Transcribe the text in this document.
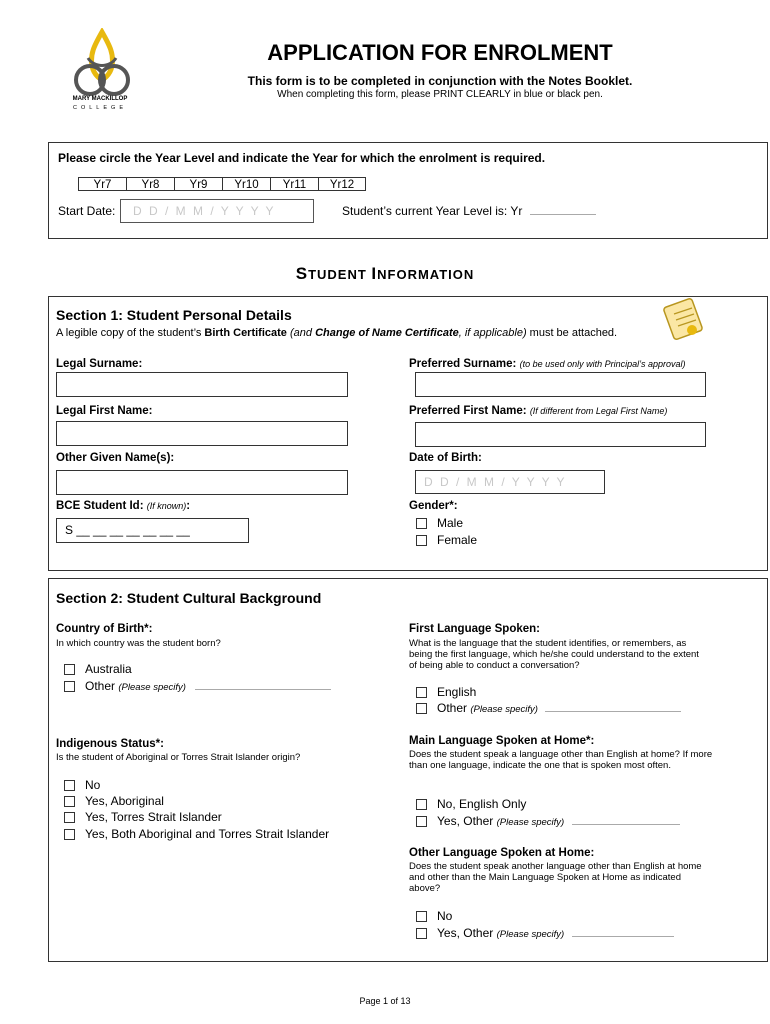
MARY MACKILLOP
COLLEGE
APPLICATION FOR ENROLMENT
This form is to be completed in conjunction with the Notes Booklet.
When completing this form, please PRINT CLEARLY in blue or black pen.
Please circle the Year Level and indicate the Year for which the enrolment is required.
Yr7	Yr8	Yr9	Yr10	Yr11	Yr12
Start Date:	D D / M M / Y Y Y Y	Student’s current Year Level is: Yr
STUDENT INFORMATION
Section 1: Student Personal Details
A legible copy of the student’s Birth Certificate (and Change of Name Certificate, if applicable) must be attached.
Legal Surname:	Preferred Surname: (to be used only with Principal’s approval)
Legal First Name:	Preferred First Name: (If different from Legal First Name)
Other Given Name(s):	Date of Birth:
D D / M M / Y Y Y Y
BCE Student Id: (If known):
S __ __ __ __ __ __ __
Gender*:
Male
Female
Section 2: Student Cultural Background
Country of Birth*:
In which country was the student born?
Australia
Other (Please specify)
First Language Spoken:
What is the language that the student identifies, or remembers, as being the first language, which he/she could understand to the extent of being able to conduct a conversation?
English
Other (Please specify)
Indigenous Status*:
Is the student of Aboriginal or Torres Strait Islander origin?
No
Yes, Aboriginal
Yes, Torres Strait Islander
Yes, Both Aboriginal and Torres Strait Islander
Main Language Spoken at Home*:
Does the student speak a language other than English at home? If more than one language, indicate the one that is spoken most often.
No, English Only
Yes, Other (Please specify)
Other Language Spoken at Home:
Does the student speak another language other than English at home and other than the Main Language Spoken at Home as indicated above?
No
Yes, Other (Please specify)
Page 1 of 13
